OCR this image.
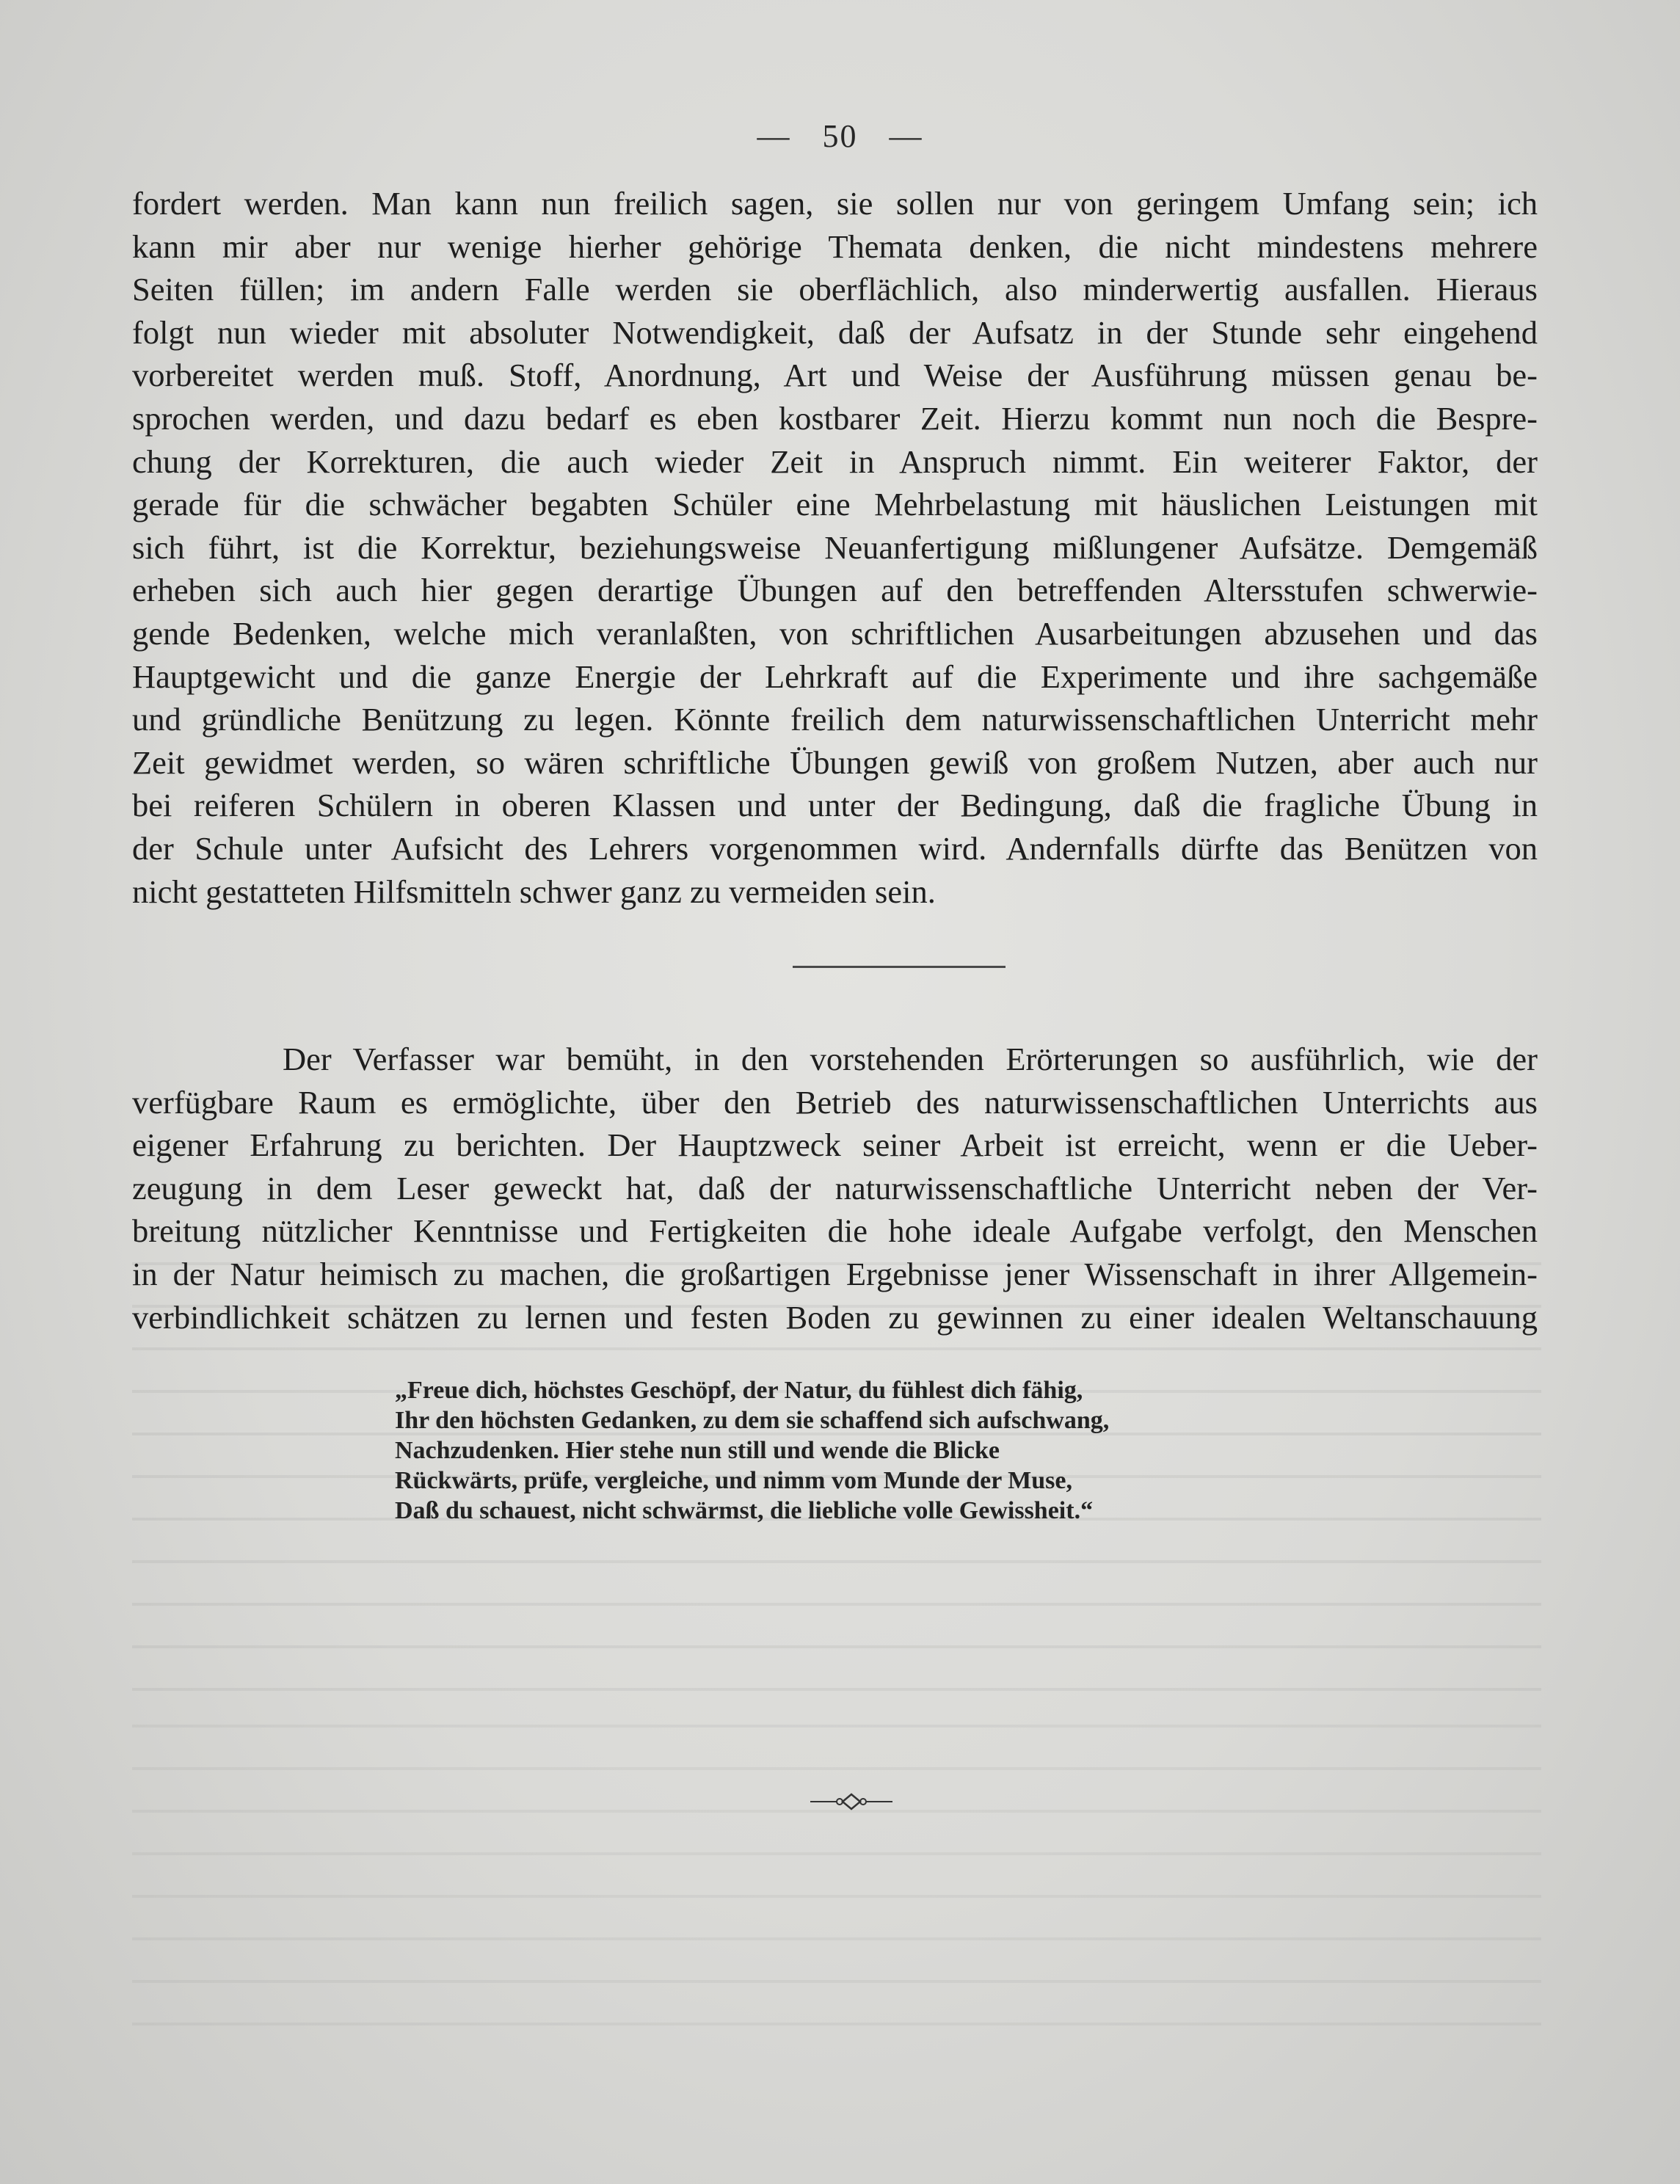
— 50 —
fordert werden. Man kann nun freilich sagen, sie sollen nur von geringem Umfang sein; ich
kann mir aber nur wenige hierher gehörige Themata denken, die nicht mindestens mehrere
Seiten füllen; im andern Falle werden sie oberflächlich, also minderwertig ausfallen. Hieraus
folgt nun wieder mit absoluter Notwendigkeit, daß der Aufsatz in der Stunde sehr eingehend
vorbereitet werden muß. Stoff, Anordnung, Art und Weise der Ausführung müssen genau be-
sprochen werden, und dazu bedarf es eben kostbarer Zeit. Hierzu kommt nun noch die Bespre-
chung der Korrekturen, die auch wieder Zeit in Anspruch nimmt. Ein weiterer Faktor, der
gerade für die schwächer begabten Schüler eine Mehrbelastung mit häuslichen Leistungen mit
sich führt, ist die Korrektur, beziehungsweise Neuanfertigung mißlungener Aufsätze. Demgemäß
erheben sich auch hier gegen derartige Übungen auf den betreffenden Altersstufen schwerwie-
gende Bedenken, welche mich veranlaßten, von schriftlichen Ausarbeitungen abzusehen und das
Hauptgewicht und die ganze Energie der Lehrkraft auf die Experimente und ihre sachgemäße
und gründliche Benützung zu legen. Könnte freilich dem naturwissenschaftlichen Unterricht mehr
Zeit gewidmet werden, so wären schriftliche Übungen gewiß von großem Nutzen, aber auch nur
bei reiferen Schülern in oberen Klassen und unter der Bedingung, daß die fragliche Übung in
der Schule unter Aufsicht des Lehrers vorgenommen wird. Andernfalls dürfte das Benützen von
nicht gestatteten Hilfsmitteln schwer ganz zu vermeiden sein.
Der Verfasser war bemüht, in den vorstehenden Erörterungen so ausführlich, wie der
verfügbare Raum es ermöglichte, über den Betrieb des naturwissenschaftlichen Unterrichts aus
eigener Erfahrung zu berichten. Der Hauptzweck seiner Arbeit ist erreicht, wenn er die Ueber-
zeugung in dem Leser geweckt hat, daß der naturwissenschaftliche Unterricht neben der Ver-
breitung nützlicher Kenntnisse und Fertigkeiten die hohe ideale Aufgabe verfolgt, den Menschen
in der Natur heimisch zu machen, die großartigen Ergebnisse jener Wissenschaft in ihrer Allgemein-
verbindlichkeit schätzen zu lernen und festen Boden zu gewinnen zu einer idealen Weltanschauung
„Freue dich, höchstes Geschöpf, der Natur, du fühlest dich fähig,
Ihr den höchsten Gedanken, zu dem sie schaffend sich aufschwang,
Nachzudenken. Hier stehe nun still und wende die Blicke
Rückwärts, prüfe, vergleiche, und nimm vom Munde der Muse,
Daß du schauest, nicht schwärmst, die liebliche volle Gewissheit.“
